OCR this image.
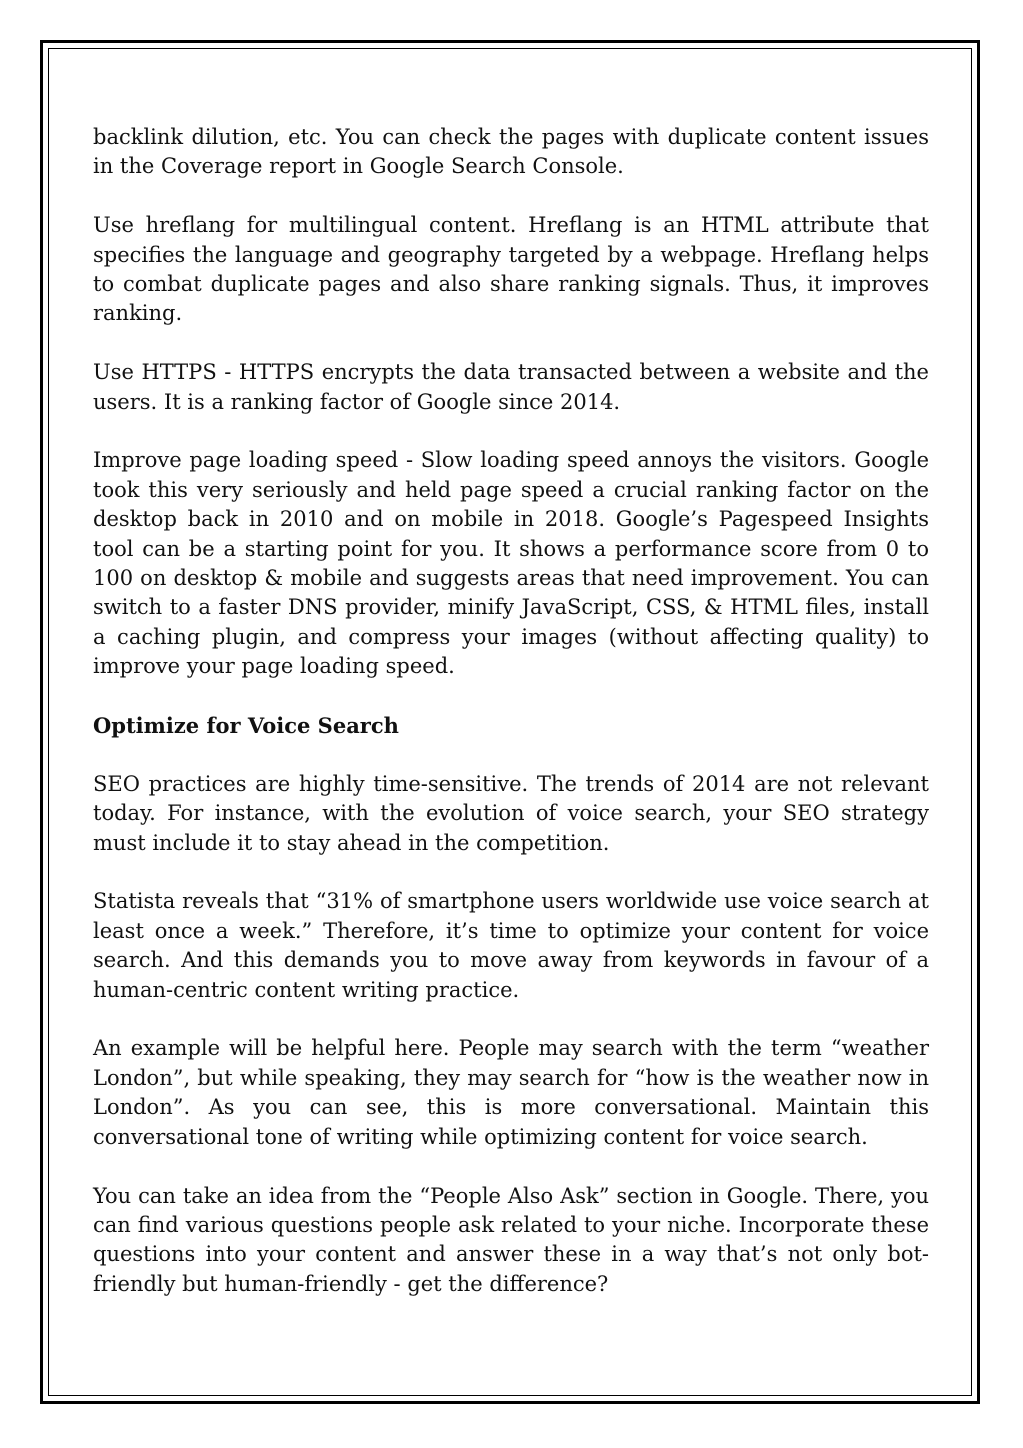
backlink dilution, etc. You can check the pages with duplicate content issues in the Coverage report in Google Search Console.

Use hreflang for multilingual content. Hreflang is an HTML attribute that specifies the language and geography targeted by a webpage. Hreflang helps to combat duplicate pages and also share ranking signals. Thus, it improves ranking.

Use HTTPS - HTTPS encrypts the data transacted between a website and the users. It is a ranking factor of Google since 2014.

Improve page loading speed - Slow loading speed annoys the visitors. Google took this very seriously and held page speed a crucial ranking factor on the desktop back in 2010 and on mobile in 2018. Google’s Pagespeed Insights tool can be a starting point for you. It shows a performance score from 0 to 100 on desktop & mobile and suggests areas that need improvement. You can switch to a faster DNS provider, minify JavaScript, CSS, & HTML files, install a caching plugin, and compress your images (without affecting quality) to improve your page loading speed.

Optimize for Voice Search

SEO practices are highly time-sensitive. The trends of 2014 are not relevant today. For instance, with the evolution of voice search, your SEO strategy must include it to stay ahead in the competition.

Statista reveals that “31% of smartphone users worldwide use voice search at least once a week.” Therefore, it’s time to optimize your content for voice search. And this demands you to move away from keywords in favour of a human-centric content writing practice.

An example will be helpful here. People may search with the term “weather London”, but while speaking, they may search for “how is the weather now in London”. As you can see, this is more conversational. Maintain this conversational tone of writing while optimizing content for voice search.

You can take an idea from the “People Also Ask” section in Google. There, you can find various questions people ask related to your niche. Incorporate these questions into your content and answer these in a way that’s not only bot-friendly but human-friendly - get the difference?
